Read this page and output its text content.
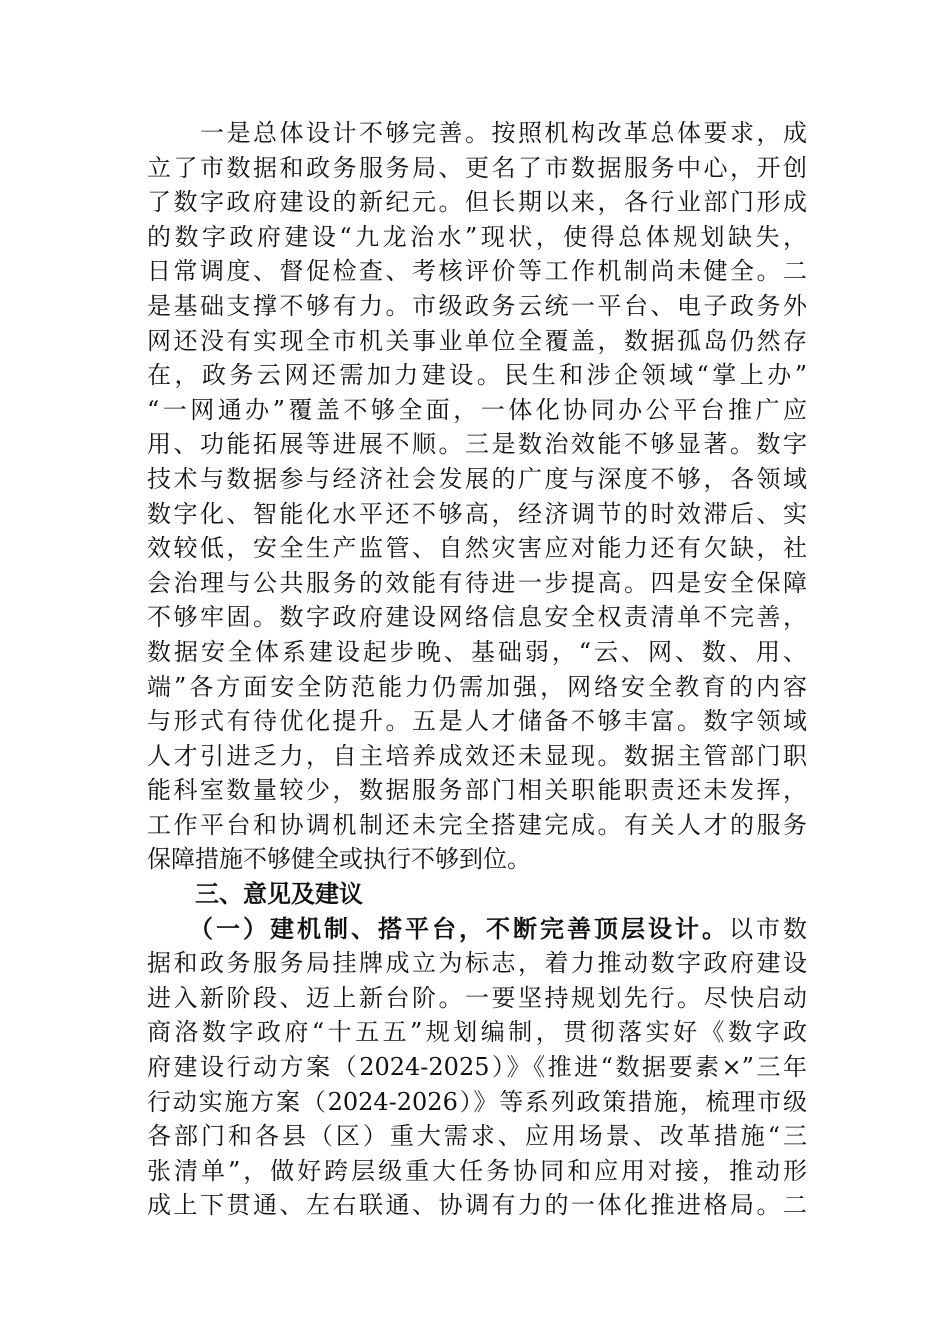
　　一是总体设计不够完善。按照机构改革总体要求，成
立了市数据和政务服务局、更名了市数据服务中心，开创
了数字政府建设的新纪元。但长期以来，各行业部门形成
的数字政府建设“九龙治水”现状，使得总体规划缺失，
日常调度、督促检查、考核评价等工作机制尚未健全。二
是基础支撑不够有力。市级政务云统一平台、电子政务外
网还没有实现全市机关事业单位全覆盖，数据孤岛仍然存
在，政务云网还需加力建设。民生和涉企领域“掌上办”
“一网通办”覆盖不够全面，一体化协同办公平台推广应
用、功能拓展等进展不顺。三是数治效能不够显著。数字
技术与数据参与经济社会发展的广度与深度不够，各领域
数字化、智能化水平还不够高，经济调节的时效滞后、实
效较低，安全生产监管、自然灾害应对能力还有欠缺，社
会治理与公共服务的效能有待进一步提高。四是安全保障
不够牢固。数字政府建设网络信息安全权责清单不完善，
数据安全体系建设起步晚、基础弱，“云、网、数、用、
端”各方面安全防范能力仍需加强，网络安全教育的内容
与形式有待优化提升。五是人才储备不够丰富。数字领域
人才引进乏力，自主培养成效还未显现。数据主管部门职
能科室数量较少，数据服务部门相关职能职责还未发挥，
工作平台和协调机制还未完全搭建完成。有关人才的服务
保障措施不够健全或执行不够到位。
　　三、意见及建议
　　（一）建机制、搭平台，不断完善顶层设计。以市数
据和政务服务局挂牌成立为标志，着力推动数字政府建设
进入新阶段、迈上新台阶。一要坚持规划先行。尽快启动
商洛数字政府“十五五”规划编制，贯彻落实好《数字政
府建设行动方案（2024-2025）》《推进“数据要素×”三年
行动实施方案（2024-2026）》等系列政策措施，梳理市级
各部门和各县（区）重大需求、应用场景、改革措施“三
张清单”，做好跨层级重大任务协同和应用对接，推动形
成上下贯通、左右联通、协调有力的一体化推进格局。二
